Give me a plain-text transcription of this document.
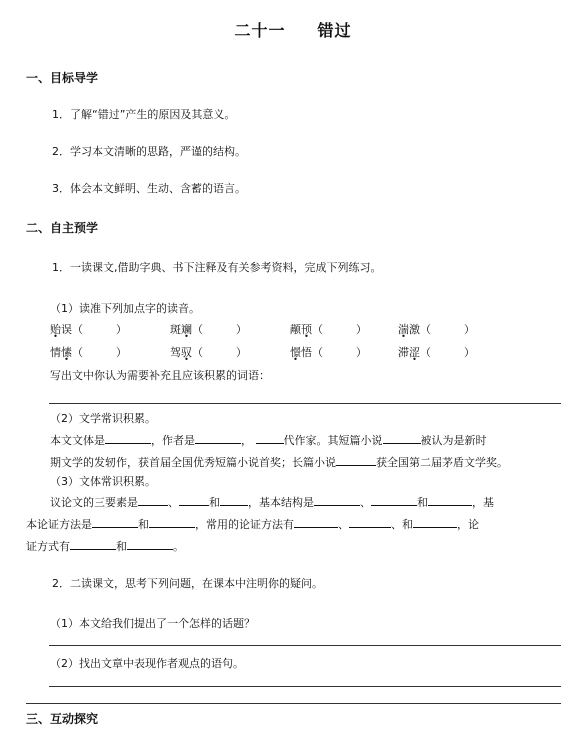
二十一 错过
一、目标导学
1．了解“错过”产生的原因及其意义。
2．学习本文清晰的思路，严谨的结构。
3．体会本文鲜明、生动、含蓄的语言。
二、自主预学
1．一读课文,借助字典、书下注释及有关参考资料，完成下列练习。
（1）读准下列加点字的读音。
贻误（　　　）	斑斓（　　　）	颟顸（　　　）	湍激（　　　）
情愫（　　　）	驾驭（　　　）	憬悟（　　　）	滞涩（　　　）
写出文中你认为需要补充且应该积累的词语：
（2）文学常识积累。
本文文体是	，作者是	，	代作家。其短篇小说	被认为是新时
期文学的发轫作，获首届全国优秀短篇小说首奖；长篇小说	获全国第二届茅盾文学奖。
（3）文体常识积累。
议论文的三要素是	、	和	，基本结构是	、	和	，基
本论证方法是	和	，常用的论证方法有	、	、和	，论
证方式有	和	。
2．二读课文，思考下列问题，在课本中注明你的疑问。
（1）本文给我们提出了一个怎样的话题？
（2）找出文章中表现作者观点的语句。
三、互动探究
